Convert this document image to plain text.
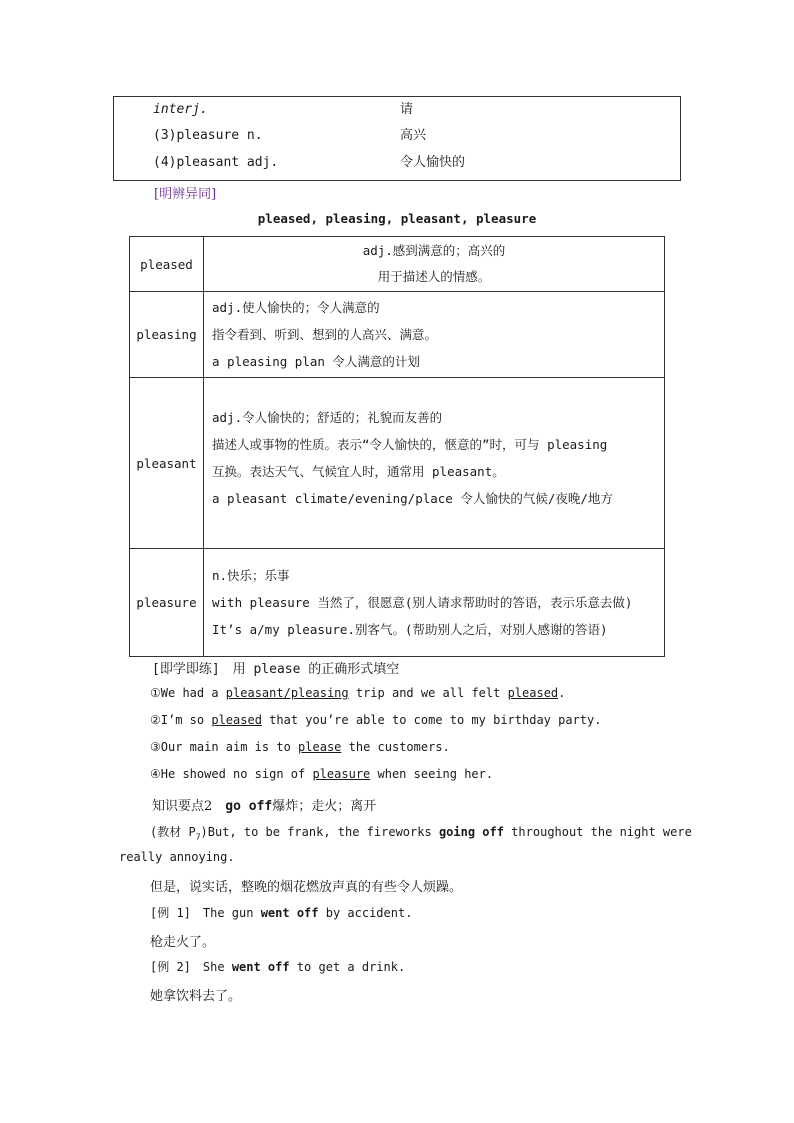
interj.	请
(3)pleasure n.	高兴
(4)pleasant adj.	令人愉快的
[明辨异同]
pleased, pleasing, pleasant, pleasure
pleased	adj.感到满意的；高兴的
用于描述人的情感。

pleasing	adj.使人愉快的；令人满意的
指令看到、听到、想到的人高兴、满意。
a pleasing plan 令人满意的计划

pleasant	adj.令人愉快的；舒适的；礼貌而友善的
描述人或事物的性质。表示“令人愉快的，惬意的”时，可与 pleasing
互换。表达天气、气候宜人时，通常用 pleasant。
a pleasant climate/evening/place 令人愉快的气候/夜晚/地方

pleasure	n.快乐；乐事
with pleasure 当然了，很愿意(别人请求帮助时的答语，表示乐意去做)
It’s a/my pleasure.别客气。(帮助别人之后，对别人感谢的答语)
[即学即练]　用 please 的正确形式填空
①We had a pleasant/pleasing trip and we all felt pleased.
②I’m so pleased that you’re able to come to my birthday party.
③Our main aim is to please the customers.
④He showed no sign of pleasure when seeing her.
知识要点2　go off爆炸；走火；离开
(教材 $P_7)But$, to be frank, the fireworks going off throughout the night were
really annoying.
但是，说实话，整晚的烟花燃放声真的有些令人烦躁。
[例 1]　The gun went off by accident.
枪走火了。
[例 2]　She went off to get a drink.
她拿饮料去了。
